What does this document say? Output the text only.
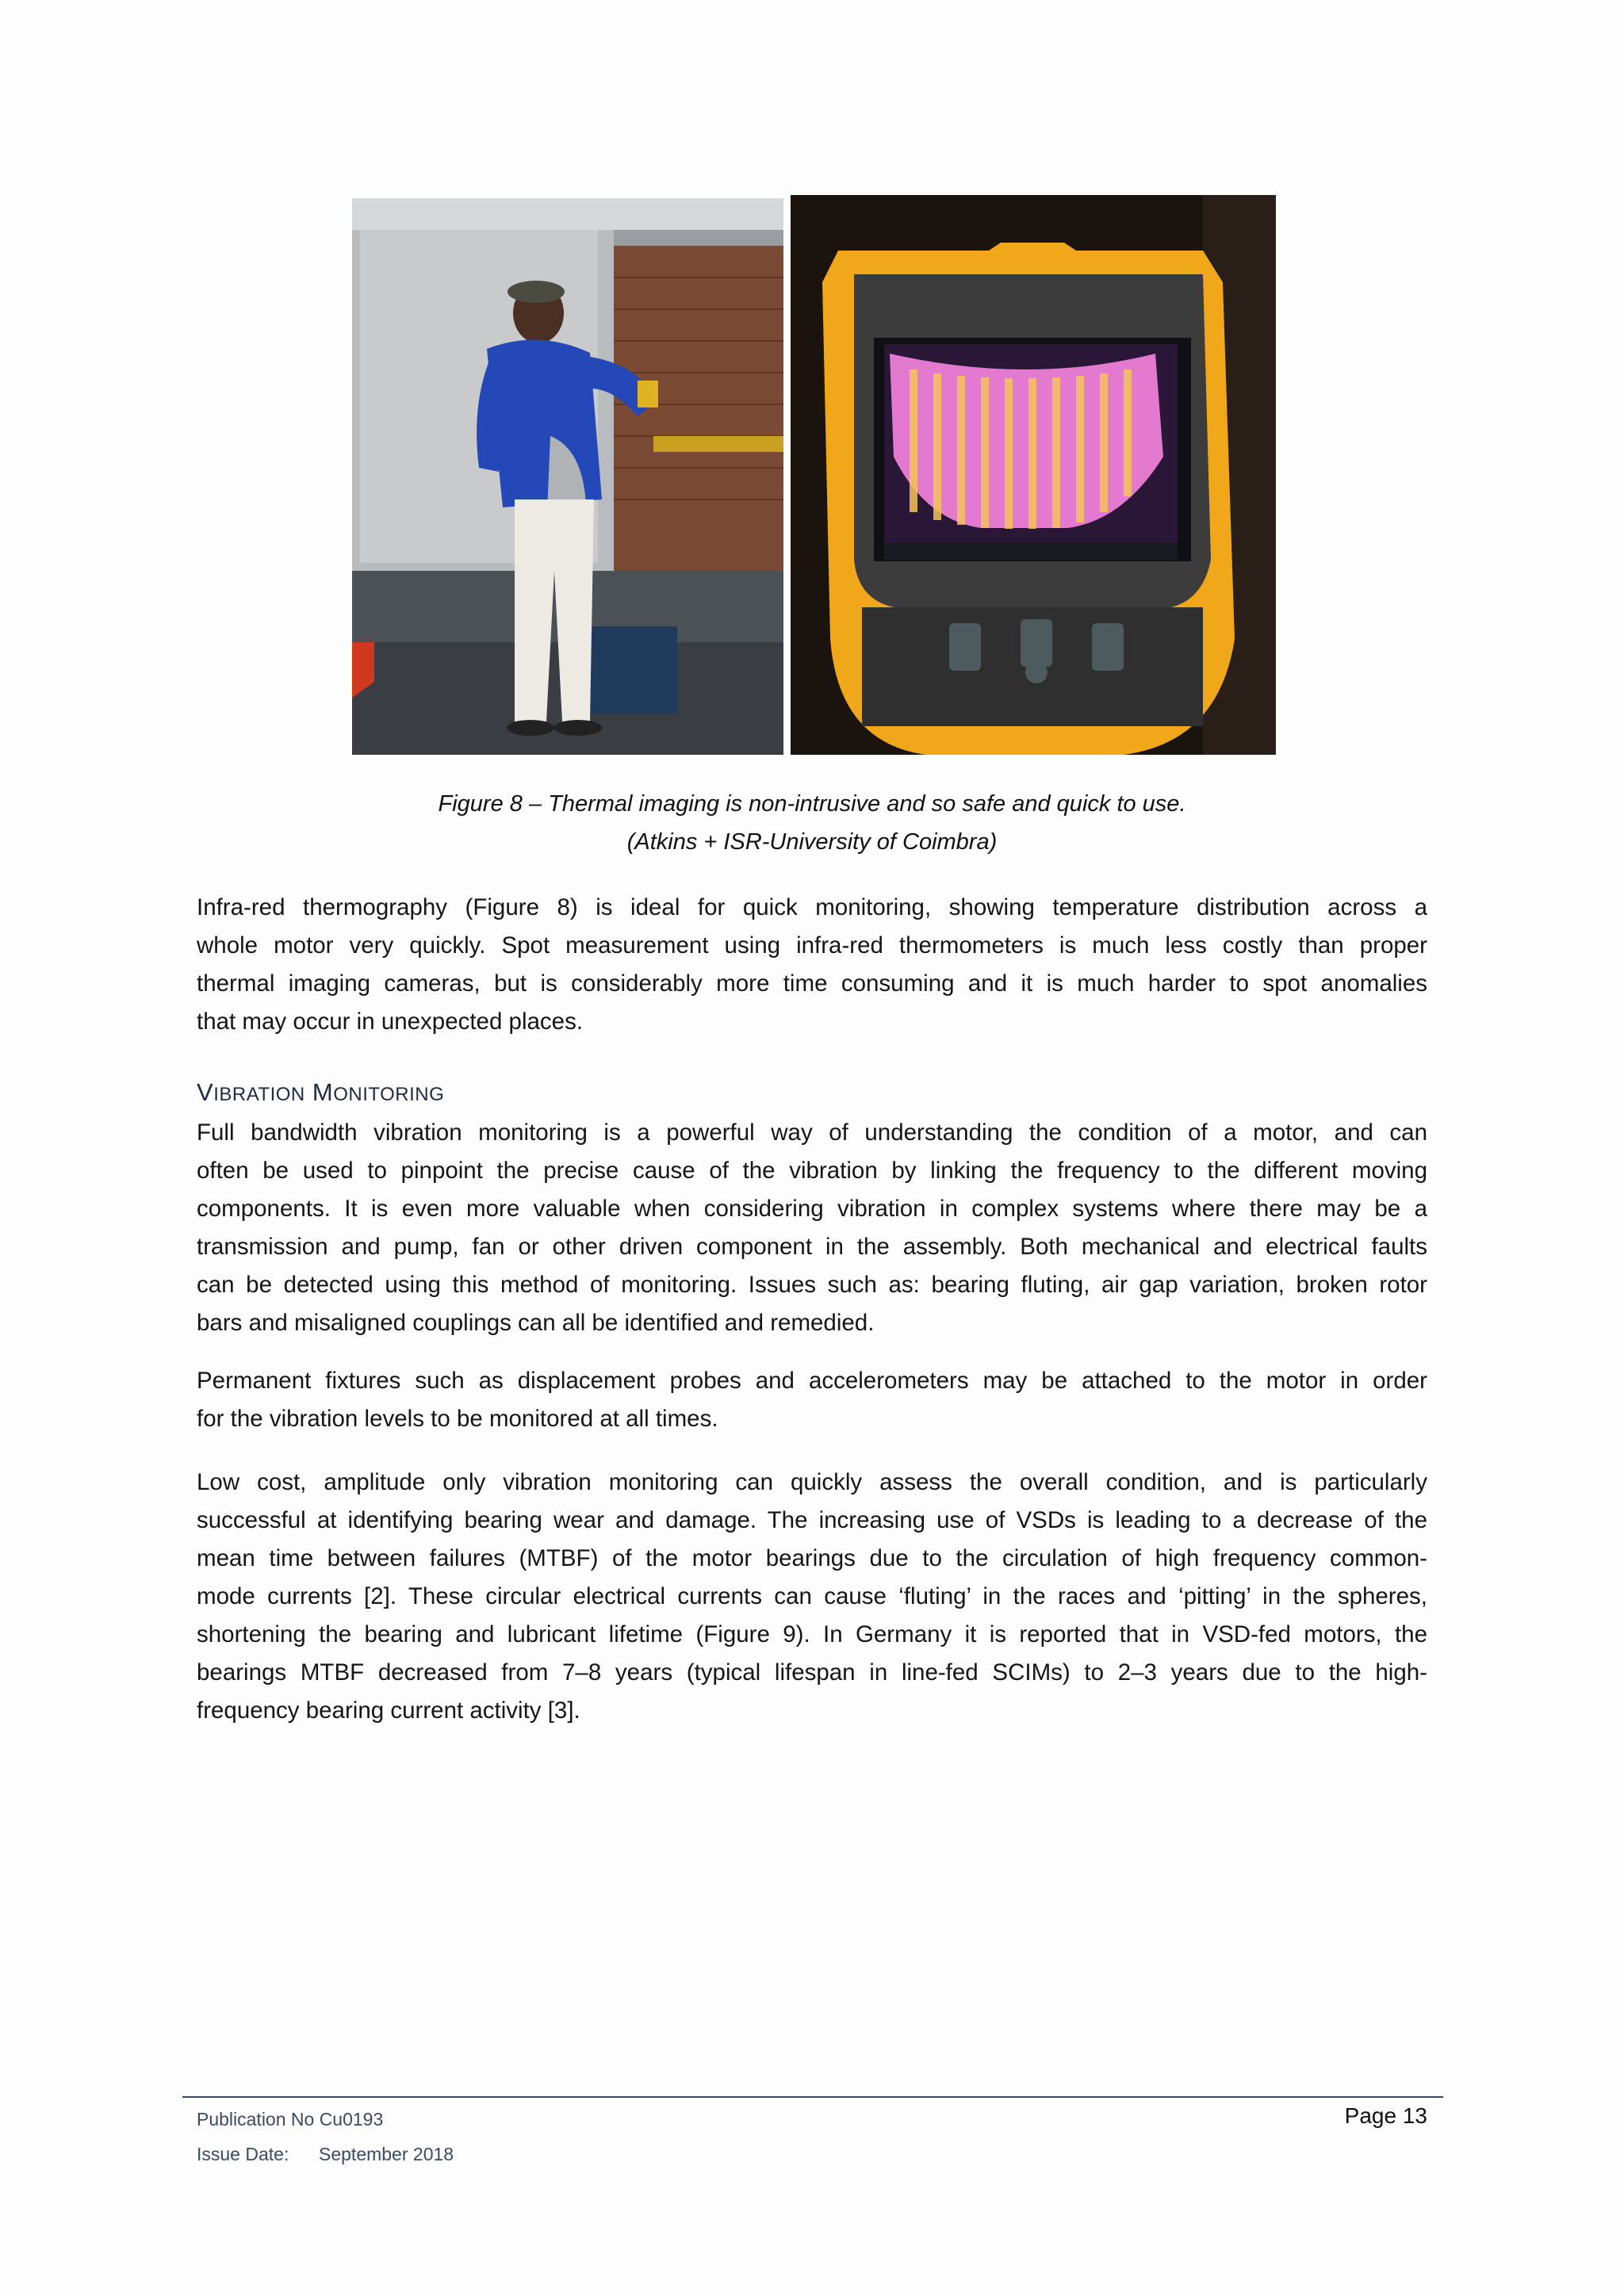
Figure 8 – Thermal imaging is non-intrusive and so safe and quick to use.
(Atkins + ISR-University of Coimbra)
Infra-red thermography (Figure 8) is ideal for quick monitoring, showing temperature distribution across a
whole motor very quickly. Spot measurement using infra-red thermometers is much less costly than proper
thermal imaging cameras, but is considerably more time consuming and it is much harder to spot anomalies
that may occur in unexpected places.
VIBRATION MONITORING
Full bandwidth vibration monitoring is a powerful way of understanding the condition of a motor, and can
often be used to pinpoint the precise cause of the vibration by linking the frequency to the different moving
components. It is even more valuable when considering vibration in complex systems where there may be a
transmission and pump, fan or other driven component in the assembly. Both mechanical and electrical faults
can be detected using this method of monitoring. Issues such as: bearing fluting, air gap variation, broken rotor
bars and misaligned couplings can all be identified and remedied.
Permanent fixtures such as displacement probes and accelerometers may be attached to the motor in order
for the vibration levels to be monitored at all times.
Low cost, amplitude only vibration monitoring can quickly assess the overall condition, and is particularly
successful at identifying bearing wear and damage. The increasing use of VSDs is leading to a decrease of the
mean time between failures (MTBF) of the motor bearings due to the circulation of high frequency common-
mode currents [2]. These circular electrical currents can cause ‘fluting’ in the races and ‘pitting’ in the spheres,
shortening the bearing and lubricant lifetime (Figure 9). In Germany it is reported that in VSD-fed motors, the
bearings MTBF decreased from 7–8 years (typical lifespan in line-fed SCIMs) to 2–3 years due to the high-
frequency bearing current activity [3].
Publication No Cu0193
Issue Date: September 2018
Page 13
